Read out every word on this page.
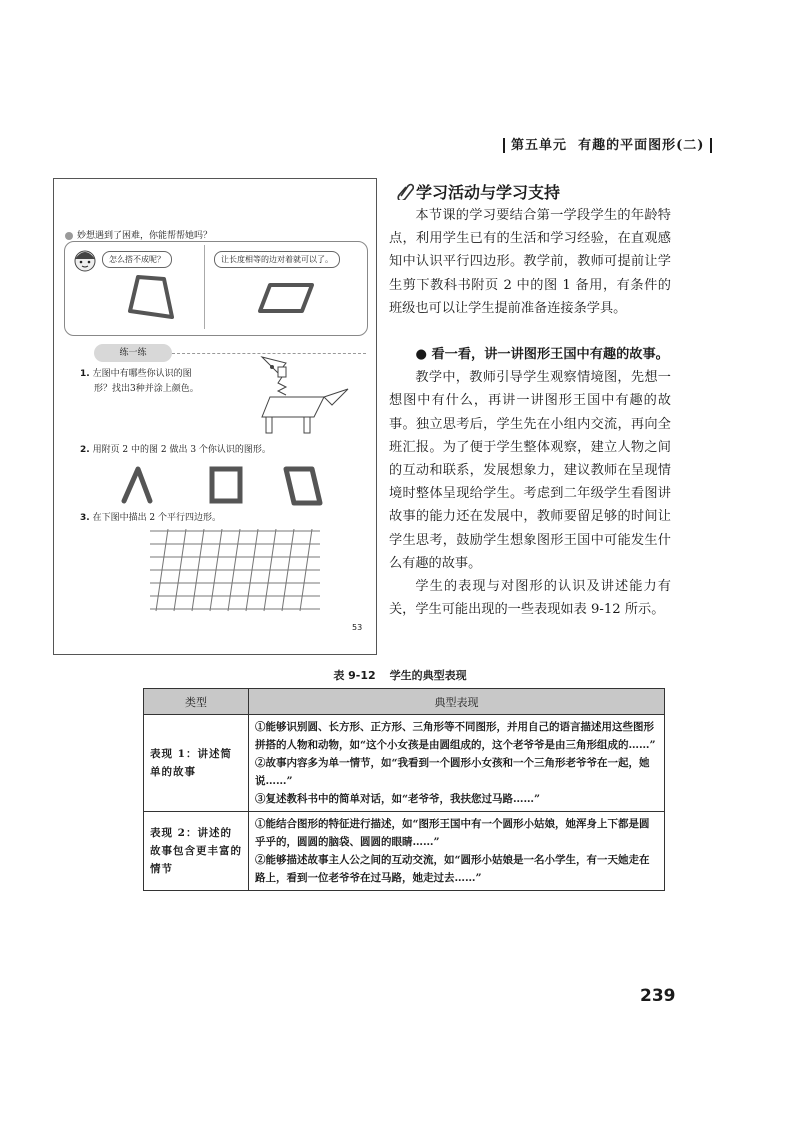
第五单元 有趣的平面图形(二)
妙想遇到了困难，你能帮帮她吗？
怎么搭不成呢？	让长度相等的边对着就可以了。
练一练
1. 左图中有哪些你认识的图
形？找出3种并涂上颜色。
2. 用附页 2 中的图 2 做出 3 个你认识的图形。
3. 在下图中描出 2 个平行四边形。
53
学习活动与学习支持

本节课的学习要结合第一学段学生的年龄特点，利用学生已有的生活和学习经验，在直观感知中认识平行四边形。教学前，教师可提前让学生剪下教科书附页 2 中的图 1 备用，有条件的班级也可以让学生提前准备连接条学具。

● 看一看，讲一讲图形王国中有趣的故事。

教学中，教师引导学生观察情境图，先想一想图中有什么，再讲一讲图形王国中有趣的故事。独立思考后，学生先在小组内交流，再向全班汇报。为了便于学生整体观察，建立人物之间的互动和联系，发展想象力，建议教师在呈现情境时整体呈现给学生。考虑到二年级学生看图讲故事的能力还在发展中，教师要留足够的时间让学生思考，鼓励学生想象图形王国中可能发生什么有趣的故事。

学生的表现与对图形的认识及讲述能力有关，学生可能出现的一些表现如表 9-12 所示。

表 9-12 学生的典型表现
类型	典型表现
表现 1：讲述简单的故事	①能够识别圆、长方形、正方形、三角形等不同图形，并用自己的语言描述用这些图形拼搭的人物和动物，如“这个小女孩是由圆组成的，这个老爷爷是由三角形组成的……”

②故事内容多为单一情节，如“我看到一个圆形小女孩和一个三角形老爷爷在一起，她说……”

③复述教科书中的简单对话，如“老爷爷，我扶您过马路……”

表现 2：讲述的故事包含更丰富的情节	①能结合图形的特征进行描述，如“图形王国中有一个圆形小姑娘，她浑身上下都是圆乎乎的，圆圆的脑袋、圆圆的眼睛……”

②能够描述故事主人公之间的互动交流，如“圆形小姑娘是一名小学生，有一天她走在路上，看到一位老爷爷在过马路，她走过去……”

239
